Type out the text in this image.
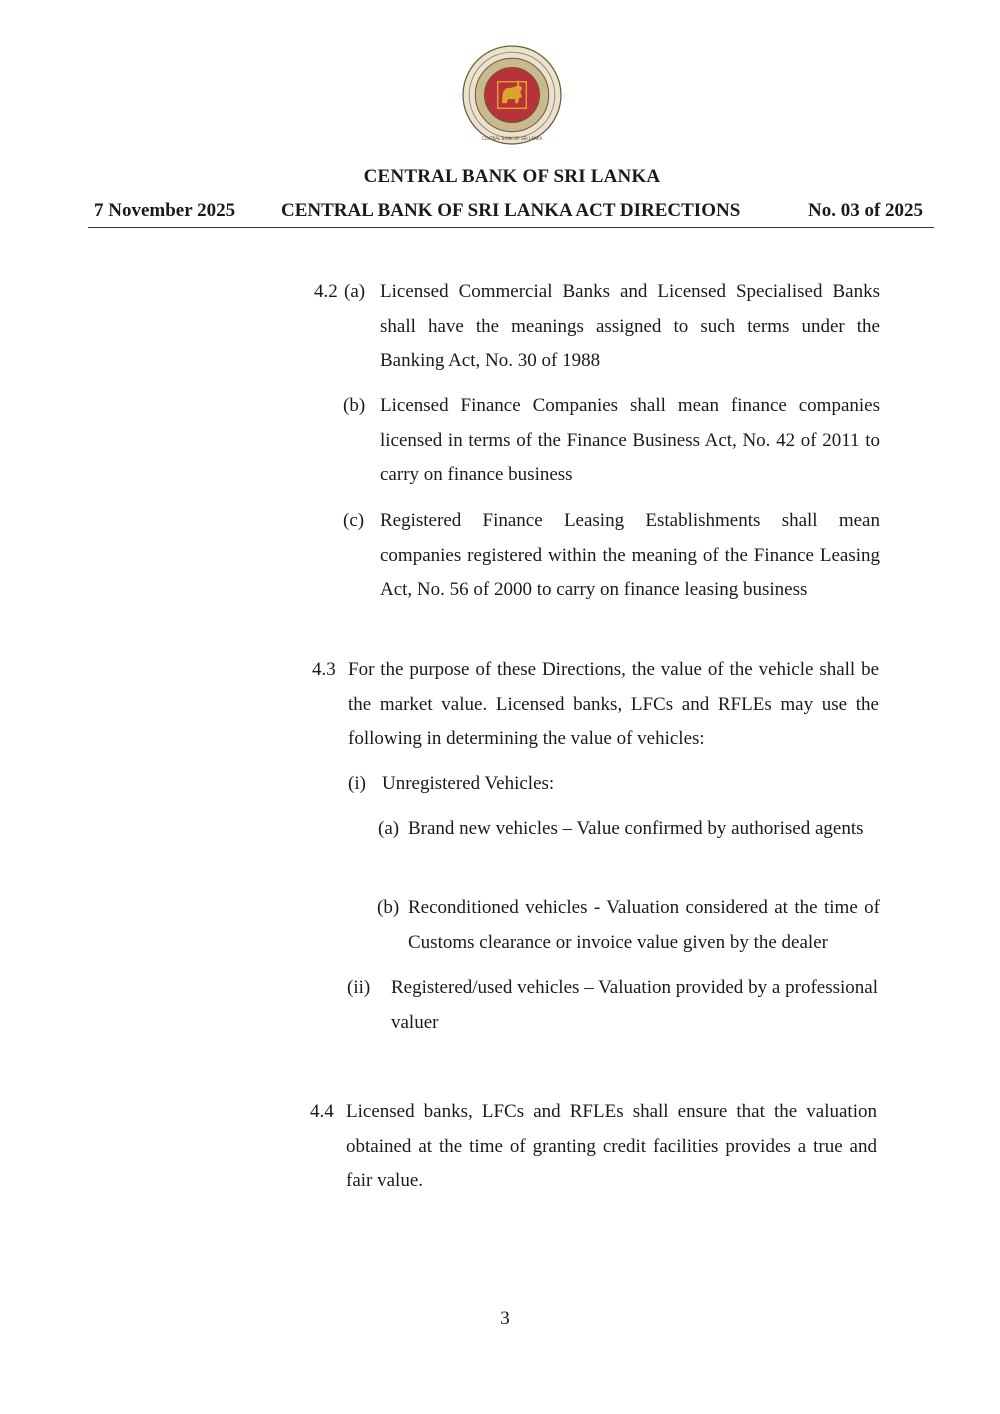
CENTRAL BANK OF SRI LANKA
CENTRAL BANK OF SRI LANKA
7 November 2025 CENTRAL BANK OF SRI LANKA ACT DIRECTIONS	No. 03 of 2025
4.2 (a) Licensed Commercial Banks and Licensed Specialised Banks shall have the meanings assigned to such terms under the Banking Act, No. 30 of 1988
(b) Licensed Finance Companies shall mean finance companies licensed in terms of the Finance Business Act, No. 42 of 2011 to carry on finance business
(c) Registered Finance Leasing Establishments shall mean companies registered within the meaning of the Finance Leasing Act, No. 56 of 2000 to carry on finance leasing business
4.3 For the purpose of these Directions, the value of the vehicle shall be the market value. Licensed banks, LFCs and RFLEs may use the following in determining the value of vehicles:
(i) Unregistered Vehicles:
(a) Brand new vehicles – Value confirmed by authorised agents
(b) Reconditioned vehicles - Valuation considered at the time of Customs clearance or invoice value given by the dealer
(ii) Registered/used vehicles – Valuation provided by a professional valuer
4.4 Licensed banks, LFCs and RFLEs shall ensure that the valuation obtained at the time of granting credit facilities provides a true and fair value.
3
